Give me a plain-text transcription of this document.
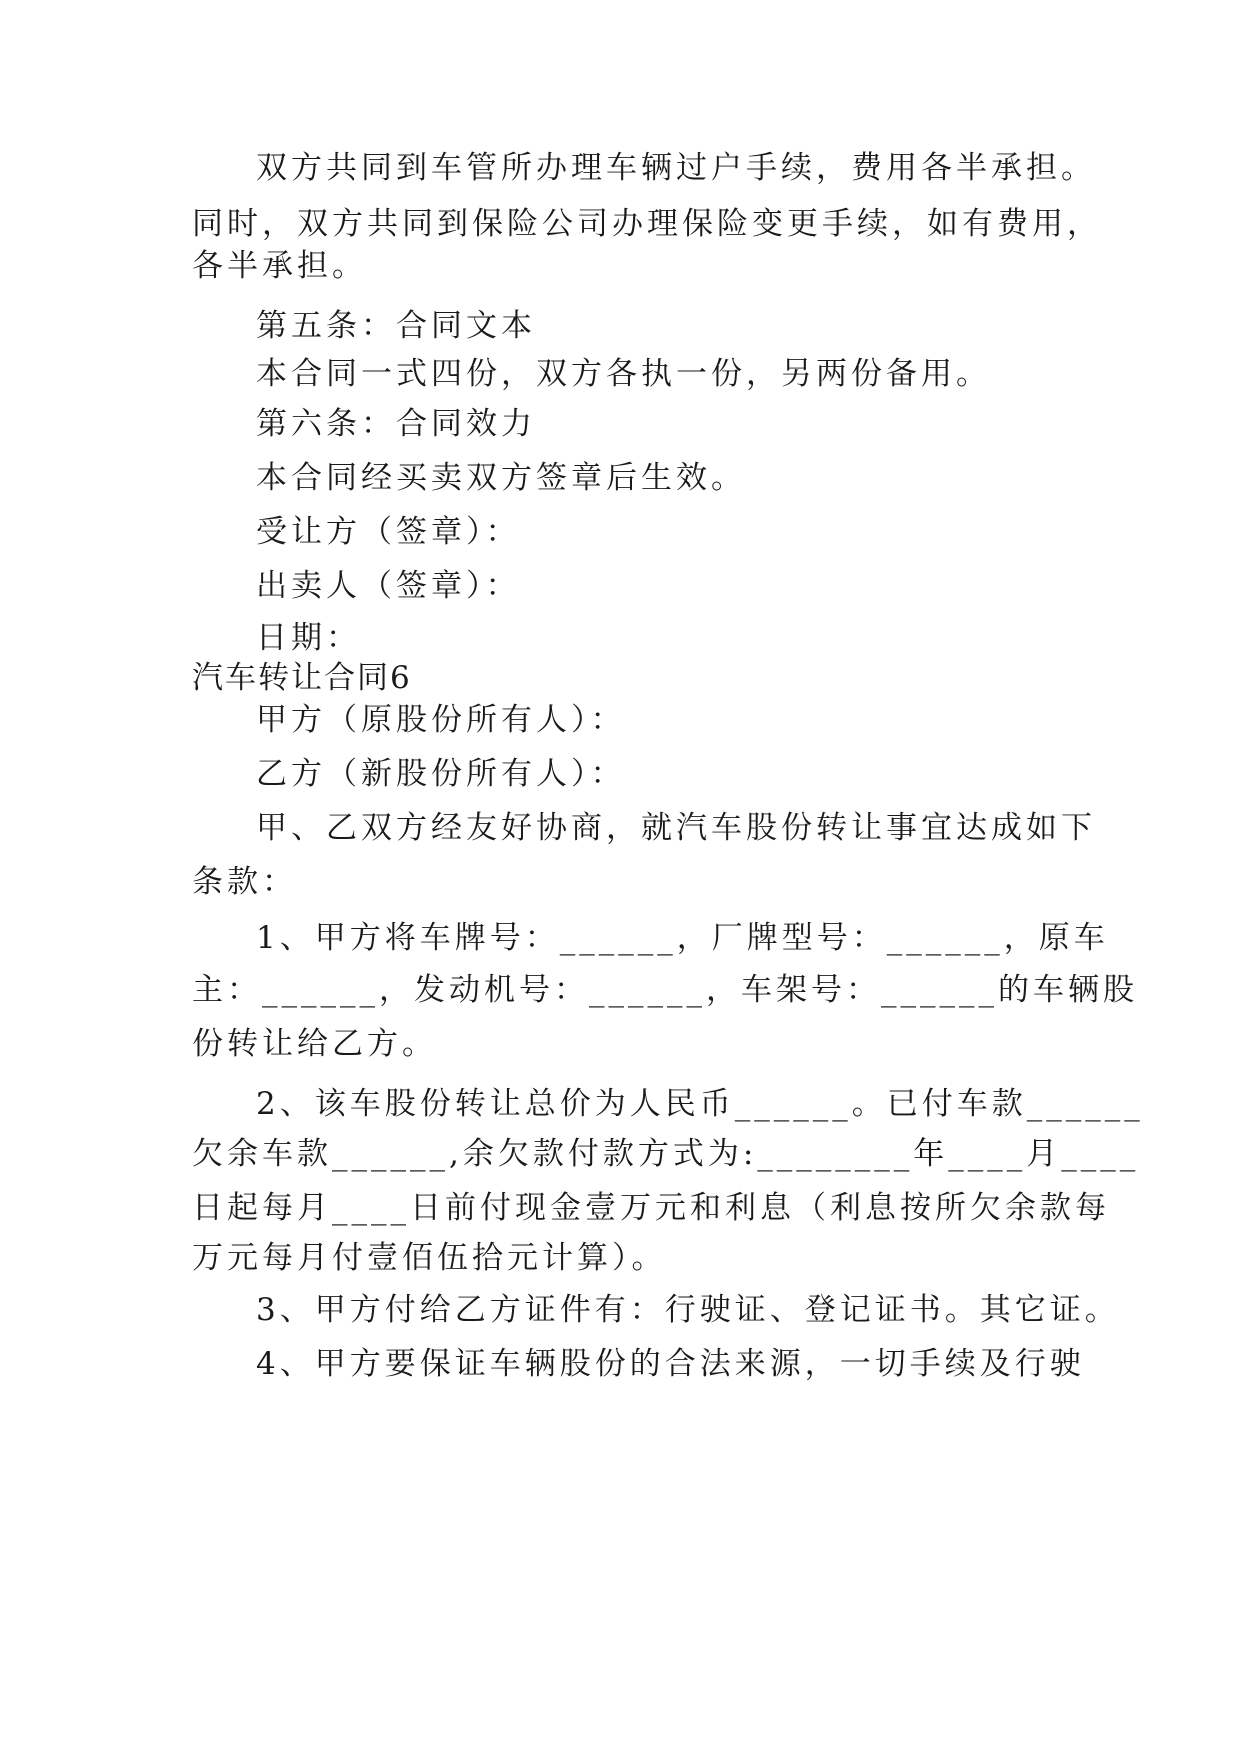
双方共同到车管所办理车辆过户手续，费用各半承担。
同时，双方共同到保险公司办理保险变更手续，如有费用，
各半承担。
第五条：合同文本
本合同一式四份，双方各执一份，另两份备用。
第六条：合同效力
本合同经买卖双方签章后生效。
受让方（签章）：
出卖人（签章）：
日期：
汽车转让合同6
甲方（原股份所有人）：
乙方（新股份所有人）：
甲、乙双方经友好协商，就汽车股份转让事宜达成如下
条款：
1、甲方将车牌号：______，厂牌型号：______，原车
主：______，发动机号：______，车架号：______的车辆股
份转让给乙方。
2、该车股份转让总价为人民币______。已付车款______
欠余车款______,余欠款付款方式为:________年____月____
日起每月____日前付现金壹万元和利息（利息按所欠余款每
万元每月付壹佰伍拾元计算）。
3、甲方付给乙方证件有：行驶证、登记证书。其它证。
4、甲方要保证车辆股份的合法来源，一切手续及行驶
